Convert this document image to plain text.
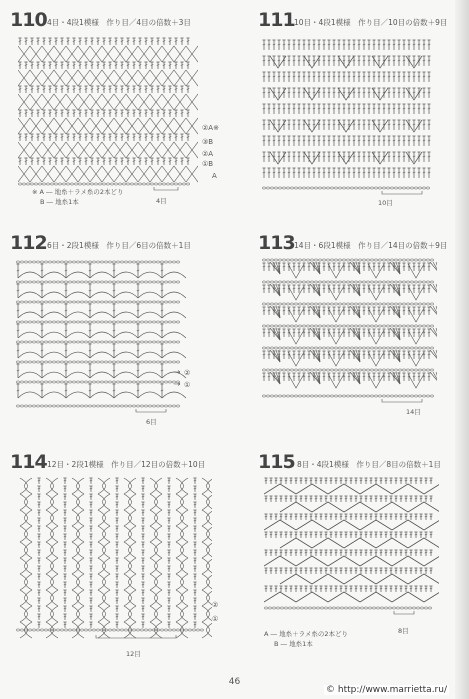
110 4目・4段1模様　作り目／4目の倍数＋3目
②A※
③B
②A
①B
A
4目
※ A ― 地糸＋ラメ糸の2本どり
B ― 地糸1本
111 10目・4段1模様　作り目／10目の倍数＋9目
10目
112 6目・2段1模様　作り目／6目の倍数＋1目
②
①
6目
113 14目・6段1模様　作り目／14目の倍数＋9目
14目
114 12目・2段1模様　作り目／12目の倍数＋10目
②
①
12目
115 8目・4段1模様　作り目／8目の倍数＋1目
8目
A ― 地糸＋ラメ糸の2本どり
B ― 地糸1本
46
© http://www.marrietta.ru/
